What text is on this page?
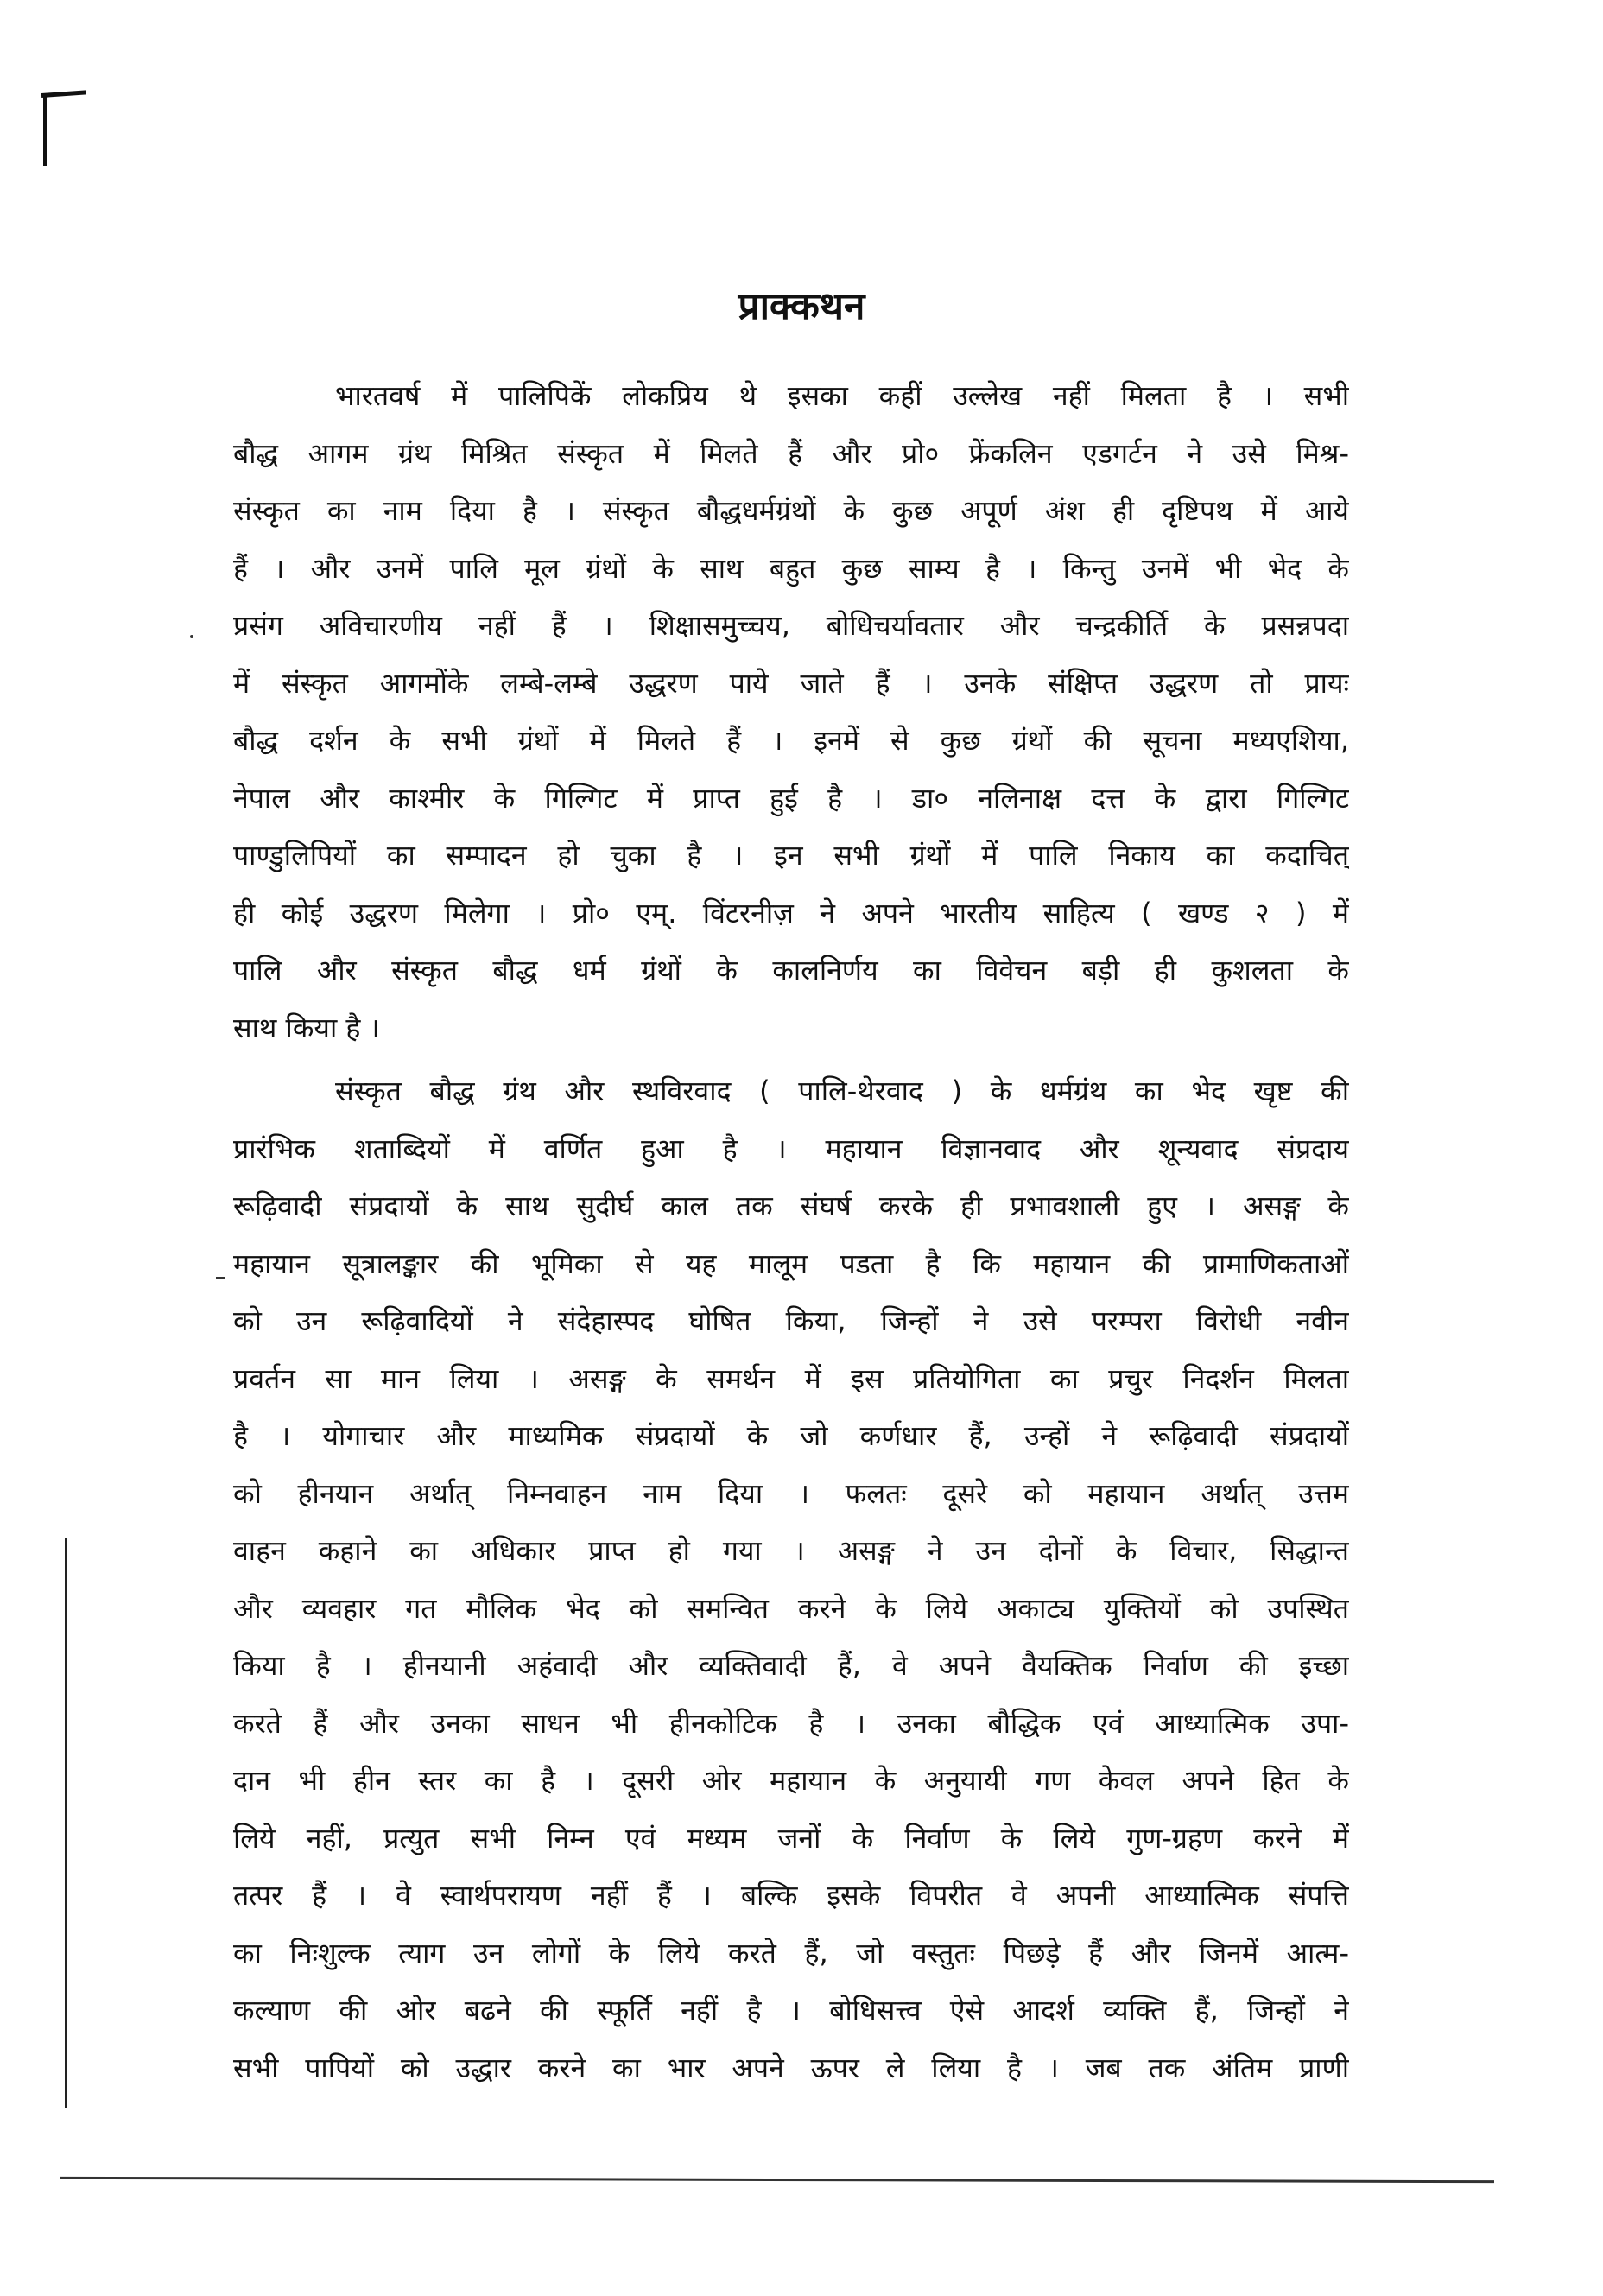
प्राक्कथन
भारतवर्ष में पालिपिकें लोकप्रिय थे इसका कहीं उल्लेख नहीं मिलता है । सभी
बौद्ध आगम ग्रंथ मिश्रित संस्कृत में मिलते हैं और प्रो० फ्रेंकलिन एडगर्टन ने उसे मिश्र-
संस्कृत का नाम दिया है । संस्कृत बौद्धधर्मग्रंथों के कुछ अपूर्ण अंश ही दृष्टिपथ में आये
हैं । और उनमें पालि मूल ग्रंथों के साथ बहुत कुछ साम्य है । किन्तु उनमें भी भेद के
प्रसंग अविचारणीय नहीं हैं । शिक्षासमुच्चय, बोधिचर्यावतार और चन्द्रकीर्ति के प्रसन्नपदा
में संस्कृत आगमोंके लम्बे-लम्बे उद्धरण पाये जाते हैं । उनके संक्षिप्त उद्धरण तो प्रायः
बौद्ध दर्शन के सभी ग्रंथों में मिलते हैं । इनमें से कुछ ग्रंथों की सूचना मध्यएशिया,
नेपाल और काश्मीर के गिल्गिट में प्राप्त हुई है । डा० नलिनाक्ष दत्त के द्वारा गिल्गिट
पाण्डुलिपियों का सम्पादन हो चुका है । इन सभी ग्रंथों में पालि निकाय का कदाचित्
ही कोई उद्धरण मिलेगा । प्रो० एम्. विंटरनीज़ ने अपने भारतीय साहित्य ( खण्ड २ ) में
पालि और संस्कृत बौद्ध धर्म ग्रंथों के कालनिर्णय का विवेचन बड़ी ही कुशलता के
साथ किया है ।
संस्कृत बौद्ध ग्रंथ और स्थविरवाद ( पालि-थेरवाद ) के धर्मग्रंथ का भेद खृष्ट की
प्रारंभिक शताब्दियों में वर्णित हुआ है । महायान विज्ञानवाद और शून्यवाद संप्रदाय
रूढ़िवादी संप्रदायों के साथ सुदीर्घ काल तक संघर्ष करके ही प्रभावशाली हुए । असङ्ग के
महायान सूत्रालङ्कार की भूमिका से यह मालूम पडता है कि महायान की प्रामाणिकताओं
को उन रूढ़िवादियों ने संदेहास्पद घोषित किया, जिन्हों ने उसे परम्परा विरोधी नवीन
प्रवर्तन सा मान लिया । असङ्ग के समर्थन में इस प्रतियोगिता का प्रचुर निदर्शन मिलता
है । योगाचार और माध्यमिक संप्रदायों के जो कर्णधार हैं, उन्हों ने रूढ़िवादी संप्रदायों
को हीनयान अर्थात् निम्नवाहन नाम दिया । फलतः दूसरे को महायान अर्थात् उत्तम
वाहन कहाने का अधिकार प्राप्त हो गया । असङ्ग ने उन दोनों के विचार, सिद्धान्त
और व्यवहार गत मौलिक भेद को समन्वित करने के लिये अकाट्य युक्तियों को उपस्थित
किया है । हीनयानी अहंवादी और व्यक्तिवादी हैं, वे अपने वैयक्तिक निर्वाण की इच्छा
करते हैं और उनका साधन भी हीनकोटिक है । उनका बौद्धिक एवं आध्यात्मिक उपा-
दान भी हीन स्तर का है । दूसरी ओर महायान के अनुयायी गण केवल अपने हित के
लिये नहीं, प्रत्युत सभी निम्न एवं मध्यम जनों के निर्वाण के लिये गुण-ग्रहण करने में
तत्पर हैं । वे स्वार्थपरायण नहीं हैं । बल्कि इसके विपरीत वे अपनी आध्यात्मिक संपत्ति
का निःशुल्क त्याग उन लोगों के लिये करते हैं, जो वस्तुतः पिछड़े हैं और जिनमें आत्म-
कल्याण की ओर बढने की स्फूर्ति नहीं है । बोधिसत्त्व ऐसे आदर्श व्यक्ति हैं, जिन्हों ने
सभी पापियों को उद्धार करने का भार अपने ऊपर ले लिया है । जब तक अंतिम प्राणी
